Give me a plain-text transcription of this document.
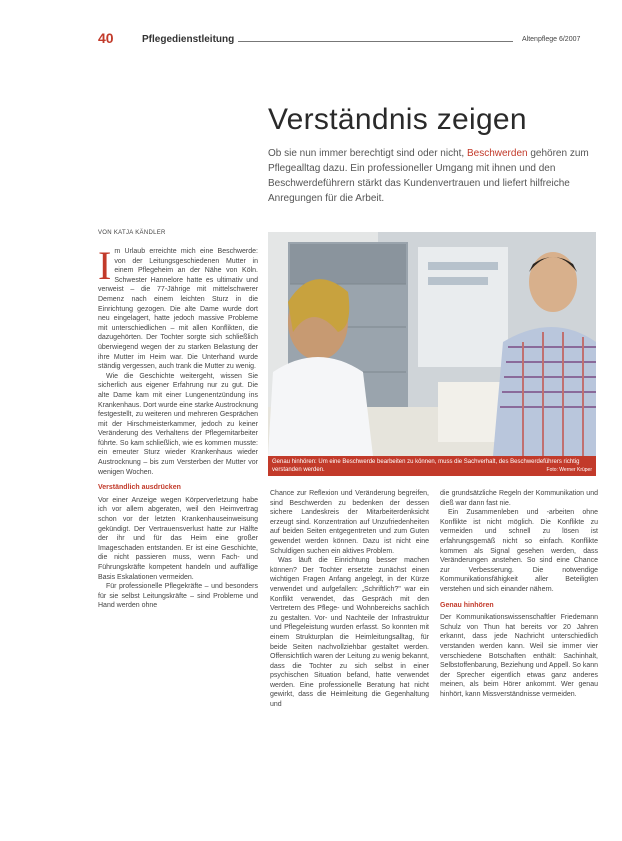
40	Pflegedienstleitung	Altenpflege 6/2007
Verständnis zeigen
Ob sie nun immer berechtigt sind oder nicht, Beschwerden gehören zum Pflegealltag dazu. Ein professioneller Umgang mit ihnen und den Beschwerdeführern stärkt das Kundenvertrauen und liefert hilfreiche Anregungen für die Arbeit.
VON KATJA KÄNDLER
I m Urlaub erreichte mich eine Beschwerde: von der Leitungsgeschiedenen Mutter in einem Pflegeheim an der Nähe von Köln. Schwester Hannelore hatte es ultimativ und verweist – die 77-Jährige mit mittelschwerer Demenz nach einem leichten Sturz in die Einrichtung gezogen. Die alte Dame wurde dort neu eingelagert, hatte jedoch massive Probleme mit unterschiedlichen – mit allen Konflikten, die dazugehörten. Der Tochter sorgte sich schließlich überwiegend wegen der zu starken Belastung der ihre Mutter im Heim war. Die Unterhand wurde ständig vergessen, auch trank die Mutter zu wenig.

Wie die Geschichte weitergeht, wissen Sie sicherlich aus eigener Erfahrung nur zu gut. Die alte Dame kam mit einer Lungenentzündung ins Krankenhaus. Dort wurde eine starke Austrocknung festgestellt, zu weiteren und mehreren Gesprächen mit der Hirschmeisterkammer, jedoch zu keiner Veränderung des Verhaltens der Pflegemitarbeiter führte. So kam schließlich, wie es kommen musste: ein erneuter Sturz wieder Krankenhaus wieder Austrocknung – bis zum Versterben der Mutter vor wenigen Wochen.

Verständlich ausdrücken

Vor einer Anzeige wegen Körperverletzung habe ich vor allem abgeraten, weil den Heimvertrag schon vor der letzten Krankenhauseinweisung gekündigt. Der Vertrauensverlust hatte zur Hälfte der ihr und für das Heim eine großer Imageschaden entstanden. Er ist eine Geschichte, die nicht passieren muss, wenn Fach- und Führungskräfte kompetent handeln und auffällige Basis Eskalationen vermeiden.

Für professionelle Pflegekräfte – und besonders für sie selbst Leitungskräfte – sind Probleme und Hand werden ohne

Genau hinhören: Um eine Beschwerde bearbeiten zu können, muss die Sachverhalt, des Beschwerdeführers richtig verstanden werden.	Foto: Werner Krüper

Chance zur Reflexion und Veränderung begreifen, sind Beschwerden zu bedenken der dessen sichere Landeskreis der Mitarbeiterdenksicht erzeugt sind. Konzentration auf Unzufriedenheiten auf beiden Seiten entgegentreten und zum Guten gewendet werden können. Dazu ist nicht eine Schuldigen suchen ein aktives Problem.

Was läuft die Einrichtung besser machen können? Der Tochter ersetzte zunächst einen wichtigen Fragen Anfang angelegt, in der Kürze verwendet und aufgefallen: „Schriftlich?" war ein Konflikt verwendet, das Gespräch mit den Vertretern des Pflege- und Wohnbereichs sachlich zu gestalten. Vor- und Nachteile der Infrastruktur und Pflegeleistung wurden erfasst. So konnten mit einem Strukturplan die Heimleitungsalltag, für beide Seiten nachvollziehbar gestaltet werden. Offensichtlich waren der Leitung zu wenig bekannt, dass die Tochter zu sich selbst in einer psychischen Situation befand, hatte verwendet werden. Eine professionelle Beratung hat nicht gewirkt, dass die Heimleitung die Gegenhaltung und

die grundsätzliche Regeln der Kommunikation und dieß war dann fast nie.

Ein Zusammenleben und -arbeiten ohne Konflikte ist nicht möglich. Die Konflikte zu vermeiden und schnell zu lösen ist erfahrungsgemäß nicht so einfach. Konflikte kommen als Signal gesehen werden, dass Veränderungen anstehen. So sind eine Chance zur Verbesserung. Die notwendige Kommunikationsfähigkeit aller Beteiligten verstehen und sich einander nähern.

Genau hinhören

Der Kommunikationswissenschaftler Friedemann Schulz von Thun hat bereits vor 20 Jahren erkannt, dass jede Nachricht unterschiedlich verstanden werden kann. Weil sie immer vier verschiedene Botschaften enthält: Sachinhalt, Selbstoffenbarung, Beziehung und Appell. So kann der Sprecher eigentlich etwas ganz anderes meinen, als beim Hörer ankommt. Wer genau hinhört, kann Missverständnisse vermeiden.
